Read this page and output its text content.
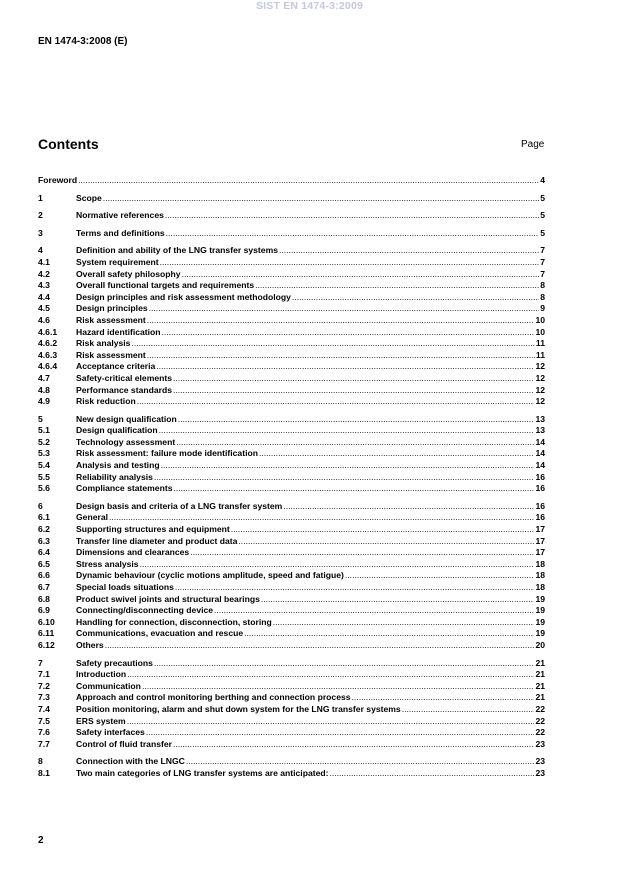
SIST EN 1474-3:2009
EN 1474-3:2008 (E)
Contents	Page
Foreword .....	4
1	Scope .....	5
2	Normative references .....	5
3	Terms and definitions .....	5
4	Definition and ability of the LNG transfer systems .....	7
4.1	System requirement .....	7
4.2	Overall safety philosophy .....	7
4.3	Overall functional targets and requirements .....	8
4.4	Design principles and risk assessment methodology .....	8
4.5	Design principles .....	9
4.6	Risk assessment .....	10
4.6.1	Hazard identification .....	10
4.6.2	Risk analysis .....	11
4.6.3	Risk assessment .....	11
4.6.4	Acceptance criteria .....	12
4.7	Safety-critical elements .....	12
4.8	Performance standards .....	12
4.9	Risk reduction .....	12
5	New design qualification .....	13
5.1	Design qualification .....	13
5.2	Technology assessment .....	14
5.3	Risk assessment: failure mode identification .....	14
5.4	Analysis and testing .....	14
5.5	Reliability analysis .....	16
5.6	Compliance statements .....	16
6	Design basis and criteria of a LNG transfer system .....	16
6.1	General .....	16
6.2	Supporting structures and equipment .....	17
6.3	Transfer line diameter and product data .....	17
6.4	Dimensions and clearances .....	17
6.5	Stress analysis .....	18
6.6	Dynamic behaviour (cyclic motions amplitude, speed and fatigue) .....	18
6.7	Special loads situations .....	18
6.8	Product swivel joints and structural bearings .....	19
6.9	Connecting/disconnecting device .....	19
6.10	Handling for connection, disconnection, storing .....	19
6.11	Communications, evacuation and rescue .....	19
6.12	Others .....	20
7	Safety precautions .....	21
7.1	Introduction .....	21
7.2	Communication .....	21
7.3	Approach and control monitoring berthing and connection process .....	21
7.4	Position monitoring, alarm and shut down system for the LNG transfer systems .....	22
7.5	ERS system .....	22
7.6	Safety interfaces .....	22
7.7	Control of fluid transfer .....	23
8	Connection with the LNGC .....	23
8.1	Two main categories of LNG transfer systems are anticipated: .....	23
2
